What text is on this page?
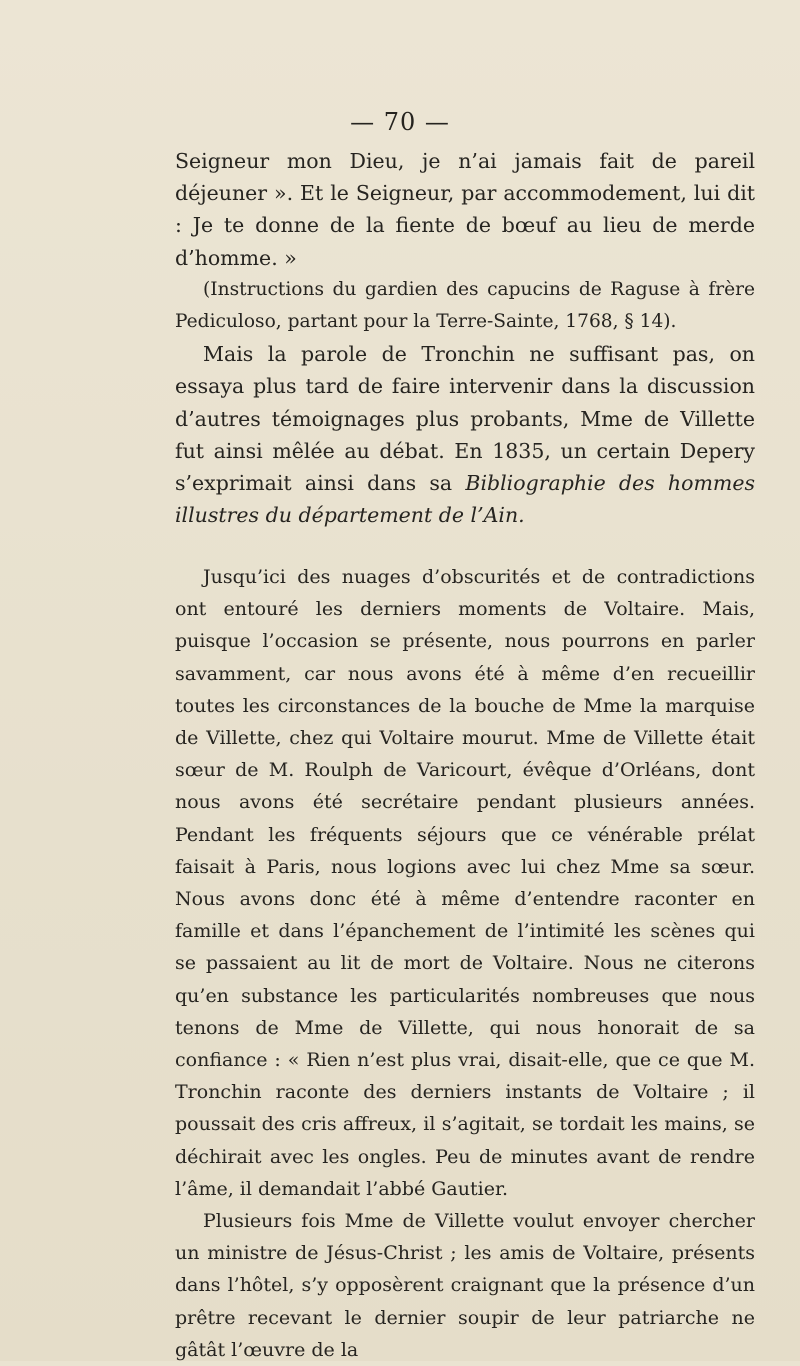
— 70 —

Seigneur mon Dieu, je n’ai jamais fait de pareil déjeuner ». Et le Seigneur, par accommodement, lui dit : Je te donne de la fiente de bœuf au lieu de merde d’homme. »

(Instructions du gardien des capucins de Raguse à frère Pediculoso, partant pour la Terre-Sainte, 1768, § 14).

Mais la parole de Tronchin ne suffisant pas, on essaya plus tard de faire intervenir dans la discussion d’autres témoignages plus probants, Mme de Villette fut ainsi mêlée au débat. En 1835, un certain Depery s’exprimait ainsi dans sa Bibliographie des hommes illustres du département de l’Ain.

Jusqu’ici des nuages d’obscurités et de contradictions ont entouré les derniers moments de Voltaire. Mais, puisque l’occasion se présente, nous pourrons en parler savamment, car nous avons été à même d’en recueillir toutes les circonstances de la bouche de Mme la marquise de Villette, chez qui Voltaire mourut. Mme de Villette était sœur de M. Roulph de Varicourt, évêque d’Orléans, dont nous avons été secrétaire pendant plusieurs années. Pendant les fréquents séjours que ce vénérable prélat faisait à Paris, nous logions avec lui chez Mme sa sœur. Nous avons donc été à même d’entendre raconter en famille et dans l’épanchement de l’intimité les scènes qui se passaient au lit de mort de Voltaire. Nous ne citerons qu’en substance les particularités nombreuses que nous tenons de Mme de Villette, qui nous honorait de sa confiance : « Rien n’est plus vrai, disait-elle, que ce que M. Tronchin raconte des derniers instants de Voltaire ; il poussait des cris affreux, il s’agitait, se tordait les mains, se déchirait avec les ongles. Peu de minutes avant de rendre l’âme, il demandait l’abbé Gautier.

Plusieurs fois Mme de Villette voulut envoyer chercher un ministre de Jésus-Christ ; les amis de Voltaire, présents dans l’hôtel, s’y opposèrent craignant que la présence d’un prêtre recevant le dernier soupir de leur patriarche ne gâtât l’œuvre de la
